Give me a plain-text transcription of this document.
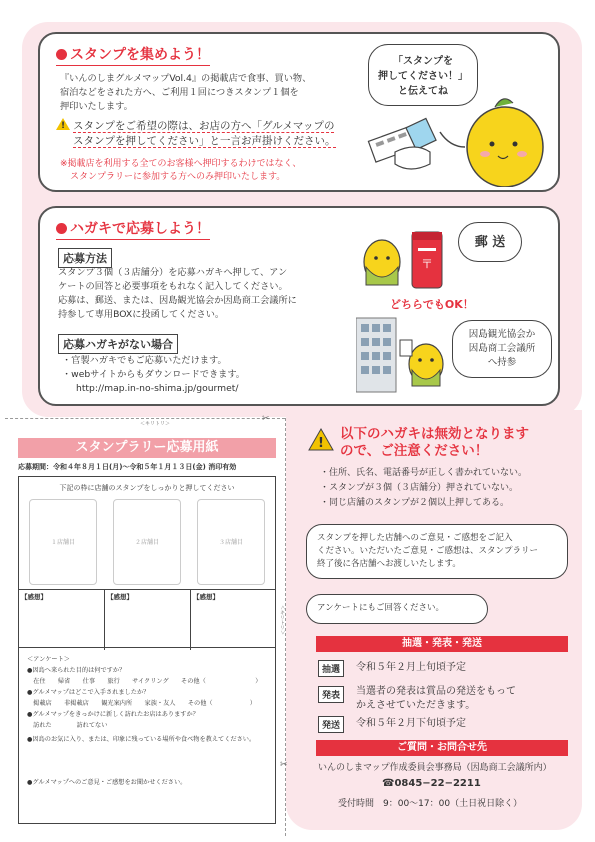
スタンプを集めよう！
『いんのしまグルメマップVol.4』の掲載店で食事、買い物、
宿泊などをされた方へ、ご利用１回につきスタンプ１個を
押印いたします。
!スタンプをご希望の際は、お店の方へ「グルメマップの
スタンプを押してください」と一言お声掛けください。
※掲載店を利用する全てのお客様へ押印するわけではなく、
スタンプラリーに参加する方へのみ押印いたします。
「スタンプを
押してください！」
と伝えてね
ハガキで応募しよう！
応募方法
スタンプ３個（３店舗分）を応募ハガキへ押して、アン
ケートの回答と必要事項をもれなく記入してください。
応募は、郵送、または、因島観光協会か因島商工会議所に
持参して専用BOXに投函してください。
応募ハガキがない場合
・官製ハガキでもご応募いただけます。
・webサイトからもダウンロードできます。
http://map.in-no-shima.jp/gourmet/
〒
郵 送
どちらでもOK！
因島観光協会か
因島商工会議所
へ持参
＜キリトリ＞	✂
✂
＜キリトリ＞
スタンプラリー応募用紙
応募期間：令和４年８月１日(月)～令和５年１月１３日(金) 消印有効
下記の枠に店舗のスタンプをしっかりと押してください
１店舗目	２店舗目	３店舗目
【感想】	【感想】	【感想】
＜アンケート＞
●因島へ来られた目的は何ですか？
　在住　　帰省　　仕事　　旅行　　サイクリング　　その他（　　　　　　　　）
●グルメマップはどこで入手されましたか？
　掲載店　　非掲載店　　観光案内所　　家族・友人　　その他（　　　　　　）
●グルメマップをきっかけに新しく訪れたお店はありますか？
　訪れた　　　　訪れてない
●因島のお気に入り、または、印象に残っている場所や食べ物を教えてください。
●グルメマップへのご意見・ご感想をお聞かせください。
!
以下のハガキは無効となります
ので、ご注意ください！
・住所、氏名、電話番号が正しく書かれていない。
・スタンプが３個（３店舗分）押されていない。
・同じ店舗のスタンプが２個以上押してある。
スタンプを押した店舗へのご意見・ご感想をご記入
ください。いただいたご意見・ご感想は、スタンプラリー
終了後に各店舗へお渡しいたします。
アンケートにもご回答ください。
抽選・発表・発送
抽選	令和５年２月上旬頃予定
発表	当選者の発表は賞品の発送をもって
かえさせていただきます。
発送	令和５年２月下旬頃予定
ご質問・お問合せ先
いんのしまマップ作成委員会事務局（因島商工会議所内）
☎0845−22−2211
受付時間　9：00～17：00（土日祝日除く）
